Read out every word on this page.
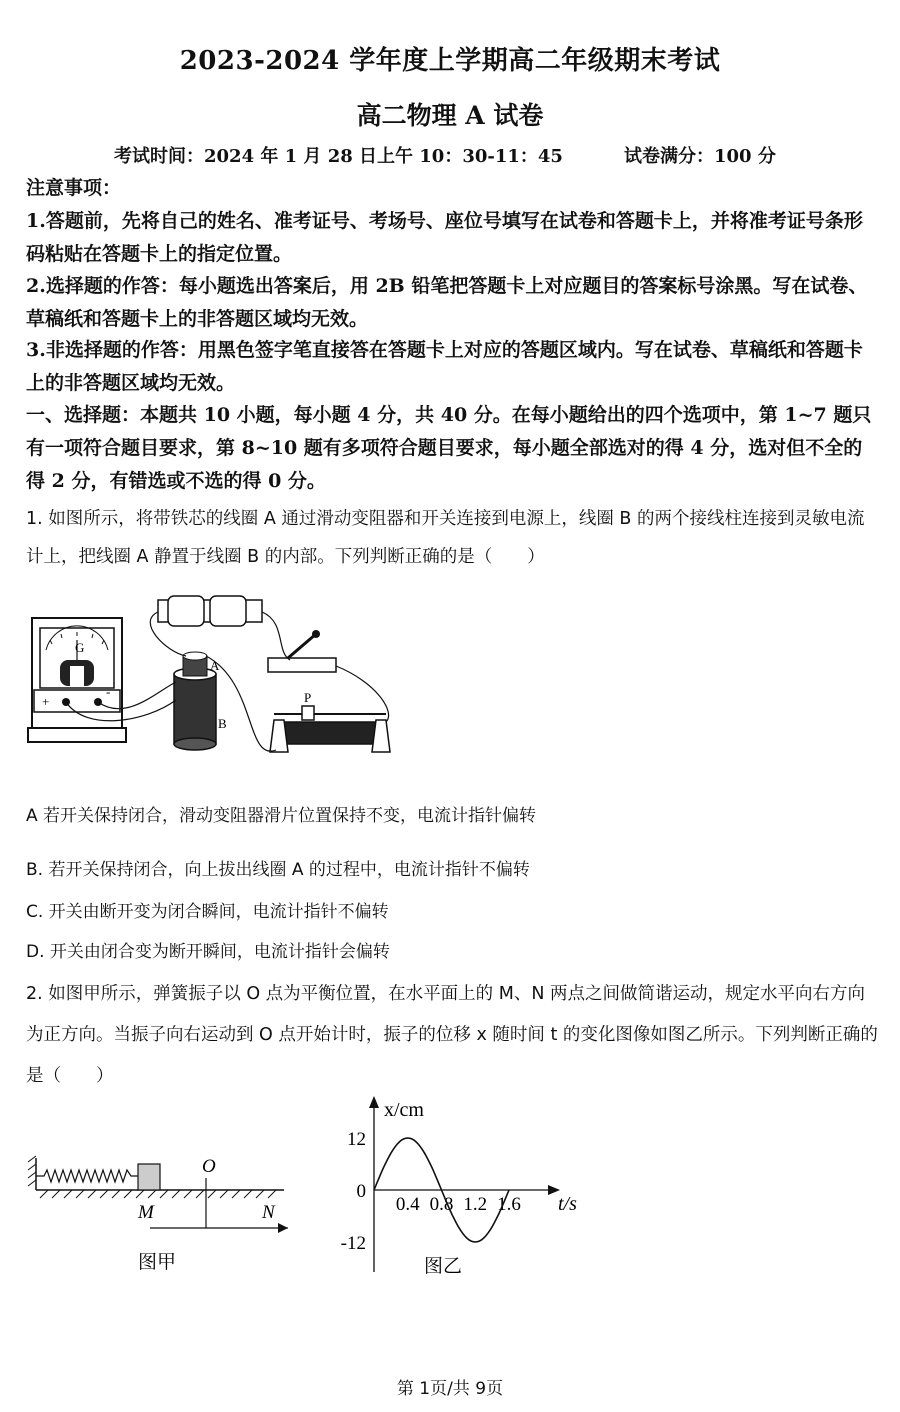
2023-2024 学年度上学期高二年级期末考试
高二物理 A 试卷
考试时间：2024 年 1 月 28 日上午 10：30-11：45	试卷满分：100 分
注意事项：
1.答题前，先将自己的姓名、准考证号、考场号、座位号填写在试卷和答题卡上，并将准考证号条形码粘贴在答题卡上的指定位置。
2.选择题的作答：每小题选出答案后，用 2B 铅笔把答题卡上对应题目的答案标号涂黑。写在试卷、草稿纸和答题卡上的非答题区域均无效。
3.非选择题的作答：用黑色签字笔直接答在答题卡上对应的答题区域内。写在试卷、草稿纸和答题卡上的非答题区域均无效。
一、选择题：本题共 10 小题，每小题 4 分，共 40 分。在每小题给出的四个选项中，第 1~7 题只有一项符合题目要求，第 8~10 题有多项符合题目要求，每小题全部选对的得 4 分，选对但不全的得 2 分，有错选或不选的得 0 分。
1. 如图所示，将带铁芯的线圈 A 通过滑动变阻器和开关连接到电源上，线圈 B 的两个接线柱连接到灵敏电流计上，把线圈 A 静置于线圈 B 的内部。下列判断正确的是（　　）
G
+
-
A
B
P
A 若开关保持闭合，滑动变阻器滑片位置保持不变，电流计指针偏转
B. 若开关保持闭合，向上拔出线圈 A 的过程中，电流计指针不偏转
C. 开关由断开变为闭合瞬间，电流计指针不偏转
D. 开关由闭合变为断开瞬间，电流计指针会偏转
2. 如图甲所示，弹簧振子以 O 点为平衡位置，在水平面上的 M、N 两点之间做简谐运动，规定水平向右方向为正方向。当振子向右运动到 O 点开始计时，振子的位移 x 随时间 t 的变化图像如图乙所示。下列判断正确的是（　　）
O
M	N
图甲
x/cm
t/s
12
0
-12
0.4 0.8 1.2 1.6
图乙
第 1页/共 9页
